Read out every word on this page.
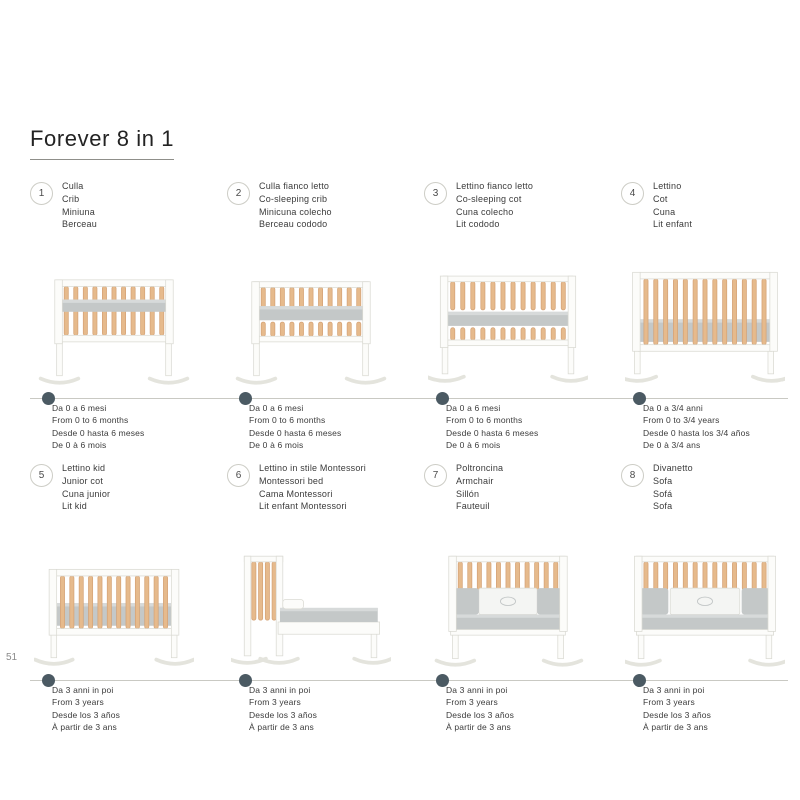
51
Forever 8 in 1
1
Culla
Crib
Miniuna
Berceau
2
Culla fianco letto
Co-sleeping crib
Minicuna colecho
Berceau cododo
3
Lettino fianco letto
Co-sleeping cot
Cuna colecho
Lit cododo
4
Lettino
Cot
Cuna
Lit enfant
Da 0 a 6 mesi
From 0 to 6 months
Desde 0 hasta 6 meses
De 0 à 6 mois
Da 0 a 6 mesi
From 0 to 6 months
Desde 0 hasta 6 meses
De 0 à 6 mois
Da 0 a 6 mesi
From 0 to 6 months
Desde 0 hasta 6 meses
De 0 à 6 mois
Da 0 a 3/4 anni
From 0 to 3/4 years
Desde 0 hasta los 3/4 años
De 0 à 3/4 ans
5
Lettino kid
Junior cot
Cuna junior
Lit kid
6
Lettino in stile Montessori
Montessori bed
Cama Montessori
Lit enfant Montessori
7
Poltroncina
Armchair
Sillón
Fauteuil
8
Divanetto
Sofa
Sofá
Sofa
Da 3 anni in poi
From 3 years
Desde los 3 años
À partir de 3 ans
Da 3 anni in poi
From 3 years
Desde los 3 años
À partir de 3 ans
Da 3 anni in poi
From 3 years
Desde los 3 años
À partir de 3 ans
Da 3 anni in poi
From 3 years
Desde los 3 años
À partir de 3 ans
